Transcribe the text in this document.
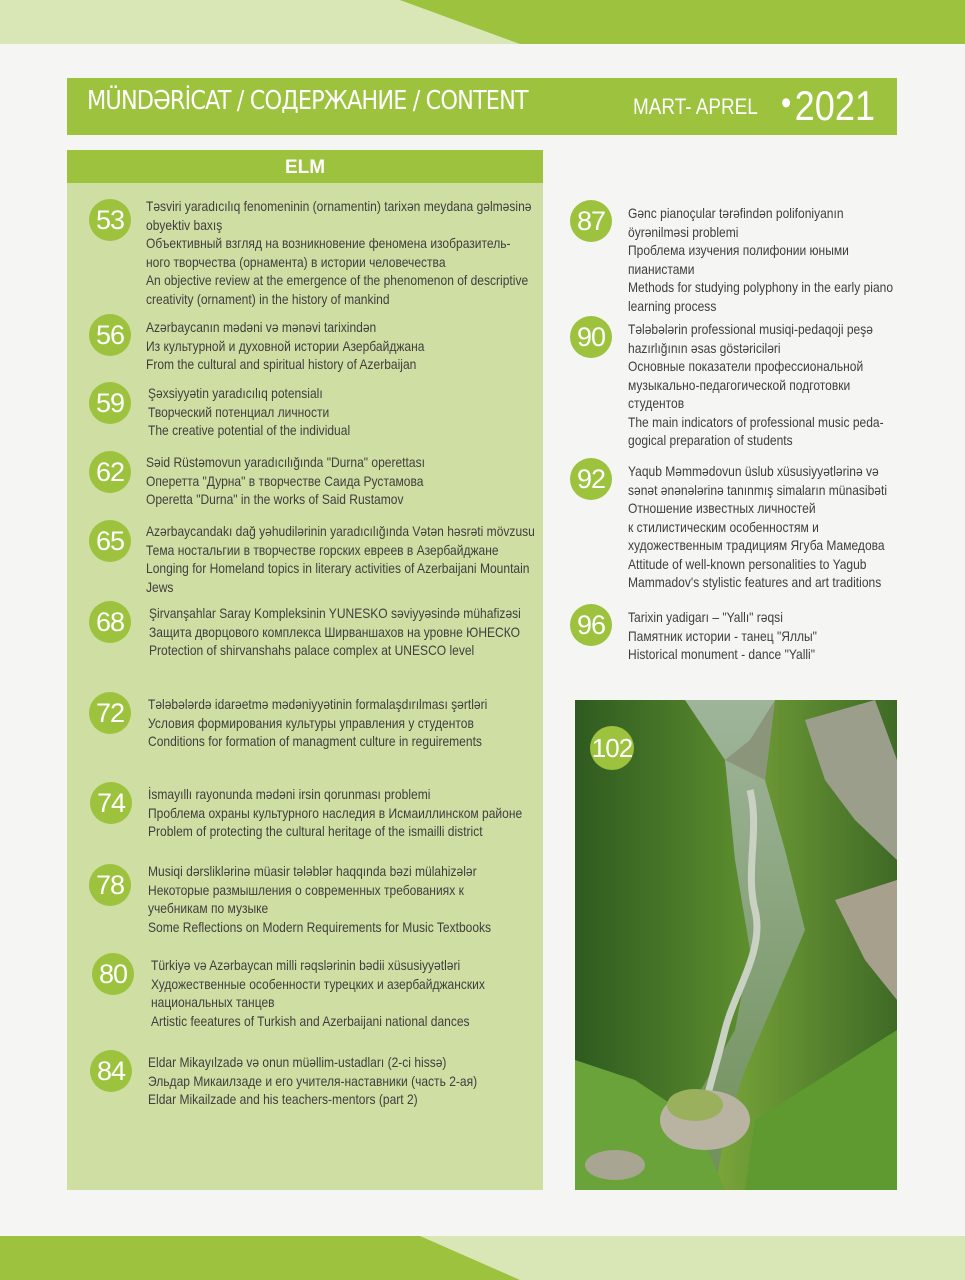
MÜNDƏRİCAT / СОДЕРЖАНИЕ / CONTENT	MART- APREL •2021
ELM
53	Təsviri yaradıcılıq fenomeninin (ornamentin) tarixən meydana gəlməsinə
obyektiv baxış
Объективный взгляд на возникновение феномена изобразитель-
ного творчества (орнамента) в истории человечества
An objective review at the emergence of the phenomenon of descriptive
creativity (ornament) in the history of mankind
56	Azərbaycanın mədəni və mənəvi tarixindən
Из культурной и духовной истории Азербайджана
From the cultural and spiritual history of Azerbaijan
59	Şəxsiyyətin yaradıcılıq potensialı
Творческий потенциал личности
The creative potential of the individual
62	Səid Rüstəmovun yaradıcılığında "Durna" operettası
Оперетта "Дурна" в творчестве Саида Рустамова
Operetta "Durna" in the works of Said Rustamov
65	Azərbaycandakı dağ yəhudilərinin yaradıcılığında Vətən həsrəti mövzusu
Тема ностальгии в творчестве горских евреев в Азербайджане
Longing for Homeland topics in literary activities of Azerbaijani Mountain
Jews
68	Şirvanşahlar Saray Kompleksinin YUNESKO səviyyəsində mühafizəsi
Защита дворцового комплекса Ширваншахов на уровне ЮНЕСКО
Protection of shirvanshahs palace complex at UNESCO level
72	Tələbələrdə idarəetmə mədəniyyətinin formalaşdırılması şərtləri
Условия формирования культуры управления у студентов
Conditions for formation of managment culture in reguirements
74	İsmayıllı rayonunda mədəni irsin qorunması problemi
Проблема охраны культурного наследия в Исмаиллинском районе
Problem of protecting the cultural heritage of the ismailli district
78	Musiqi dərsliklərinə müasir tələblər haqqında bəzi mülahizələr
Некоторые размышления о современных требованиях к
учебникам по музыке
Some Reflections on Modern Requirements for Music Textbooks
80	Türkiyə və Azərbaycan milli rəqslərinin bədii xüsusiyyətləri
Художественные особенности турецких и азербайджанских
национальных танцев
Artistic feeatures of Turkish and Azerbaijani national dances
84	Eldar Mikayılzadə və onun müəllim-ustadları (2-ci hissə)
Эльдар Микаилзаде и его учителя-наставники (часть 2-ая)
Eldar Mikailzade and his teachers-mentors (part 2)
87	Gənc pianoçular tərəfindən polifoniyanın
öyrənilməsi problemi
Проблема изучения полифонии юными
пианистами
Methods for studying polyphony in the early piano
learning process
90	Tələbələrin professional musiqi-pedaqoji peşə
hazırlığının əsas göstəriciləri
Основные показатели профессиональной
музыкально-педагогической подготовки
студентов
The main indicators of professional music peda-
gogical preparation of students
92	Yaqub Məmmədovun üslub xüsusiyyətlərinə və
sənət ənənələrinə tanınmış simaların münasibəti
Отношение известных личностей
к стилистическим особенностям и
художественным традициям Ягуба Мамедова
Attitude of well-known personalities to Yagub
Mammadov's stylistic features and art traditions
96	Tarixin yadigarı – "Yallı" rəqsi
Памятник истории - танец "Яллы"
Historical monument - dance "Yalli"
102
